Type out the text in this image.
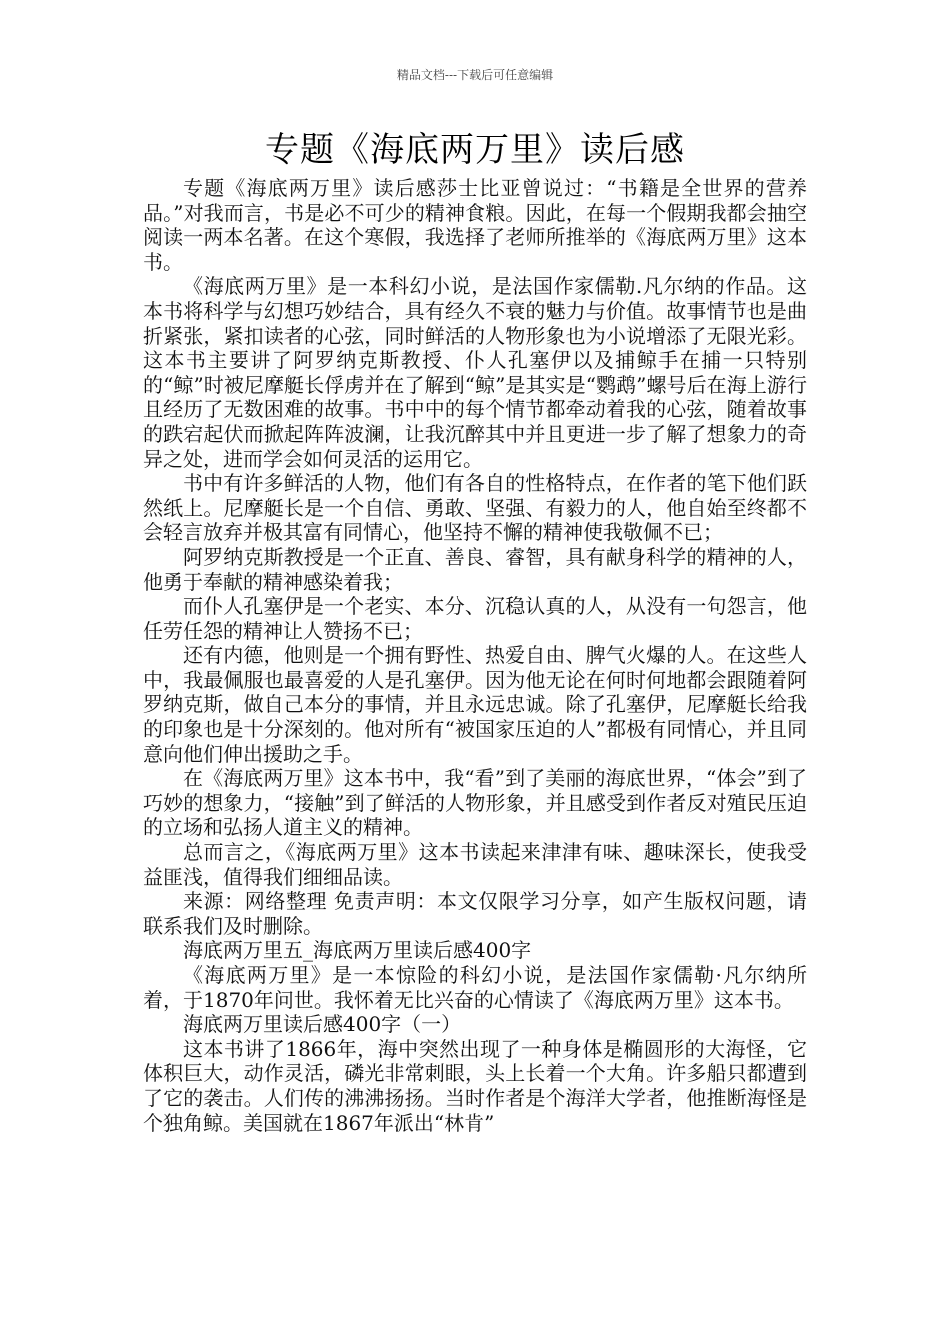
精品文档---下载后可任意编辑
专题《海底两万里》读后感

专题《海底两万里》读后感莎士比亚曾说过：“书籍是全世界的营养品。”对我而言，书是必不可少的精神食粮。因此，在每一个假期我都会抽空阅读一两本名著。在这个寒假，我选择了老师所推举的《海底两万里》这本书。

《海底两万里》是一本科幻小说，是法国作家儒勒.凡尔纳的作品。这本书将科学与幻想巧妙结合，具有经久不衰的魅力与价值。故事情节也是曲折紧张，紧扣读者的心弦，同时鲜活的人物形象也为小说增添了无限光彩。这本书主要讲了阿罗纳克斯教授、仆人孔塞伊以及捕鲸手在捕一只特别的“鲸”时被尼摩艇长俘虏并在了解到“鲸”是其实是“鹦鹉”螺号后在海上游行且经历了无数困难的故事。书中中的每个情节都牵动着我的心弦，随着故事的跌宕起伏而掀起阵阵波澜，让我沉醉其中并且更进一步了解了想象力的奇异之处，进而学会如何灵活的运用它。

书中有许多鲜活的人物，他们有各自的性格特点，在作者的笔下他们跃然纸上。尼摩艇长是一个自信、勇敢、坚强、有毅力的人，他自始至终都不会轻言放弃并极其富有同情心，他坚持不懈的精神使我敬佩不已；

阿罗纳克斯教授是一个正直、善良、睿智，具有献身科学的精神的人，他勇于奉献的精神感染着我；

而仆人孔塞伊是一个老实、本分、沉稳认真的人，从没有一句怨言，他任劳任怨的精神让人赞扬不已；

还有内德，他则是一个拥有野性、热爱自由、脾气火爆的人。在这些人中，我最佩服也最喜爱的人是孔塞伊。因为他无论在何时何地都会跟随着阿罗纳克斯，做自己本分的事情，并且永远忠诚。除了孔塞伊，尼摩艇长给我的印象也是十分深刻的。他对所有“被国家压迫的人”都极有同情心，并且同意向他们伸出援助之手。

在《海底两万里》这本书中，我“看”到了美丽的海底世界，“体会”到了巧妙的想象力，“接触”到了鲜活的人物形象，并且感受到作者反对殖民压迫的立场和弘扬人道主义的精神。

总而言之，《海底两万里》这本书读起来津津有味、趣味深长，使我受益匪浅，值得我们细细品读。

来源：网络整理 免责声明：本文仅限学习分享，如产生版权问题，请联系我们及时删除。

海底两万里五_海底两万里读后感400字

《海底两万里》是一本惊险的科幻小说，是法国作家儒勒·凡尔纳所着，于1870年问世。我怀着无比兴奋的心情读了《海底两万里》这本书。

海底两万里读后感400字（一）

这本书讲了1866年，海中突然出现了一种身体是椭圆形的大海怪，它体积巨大，动作灵活，磷光非常刺眼，头上长着一个大角。许多船只都遭到了它的袭击。人们传的沸沸扬扬。当时作者是个海洋大学者，他推断海怪是个独角鲸。美国就在1867年派出“林肯”
